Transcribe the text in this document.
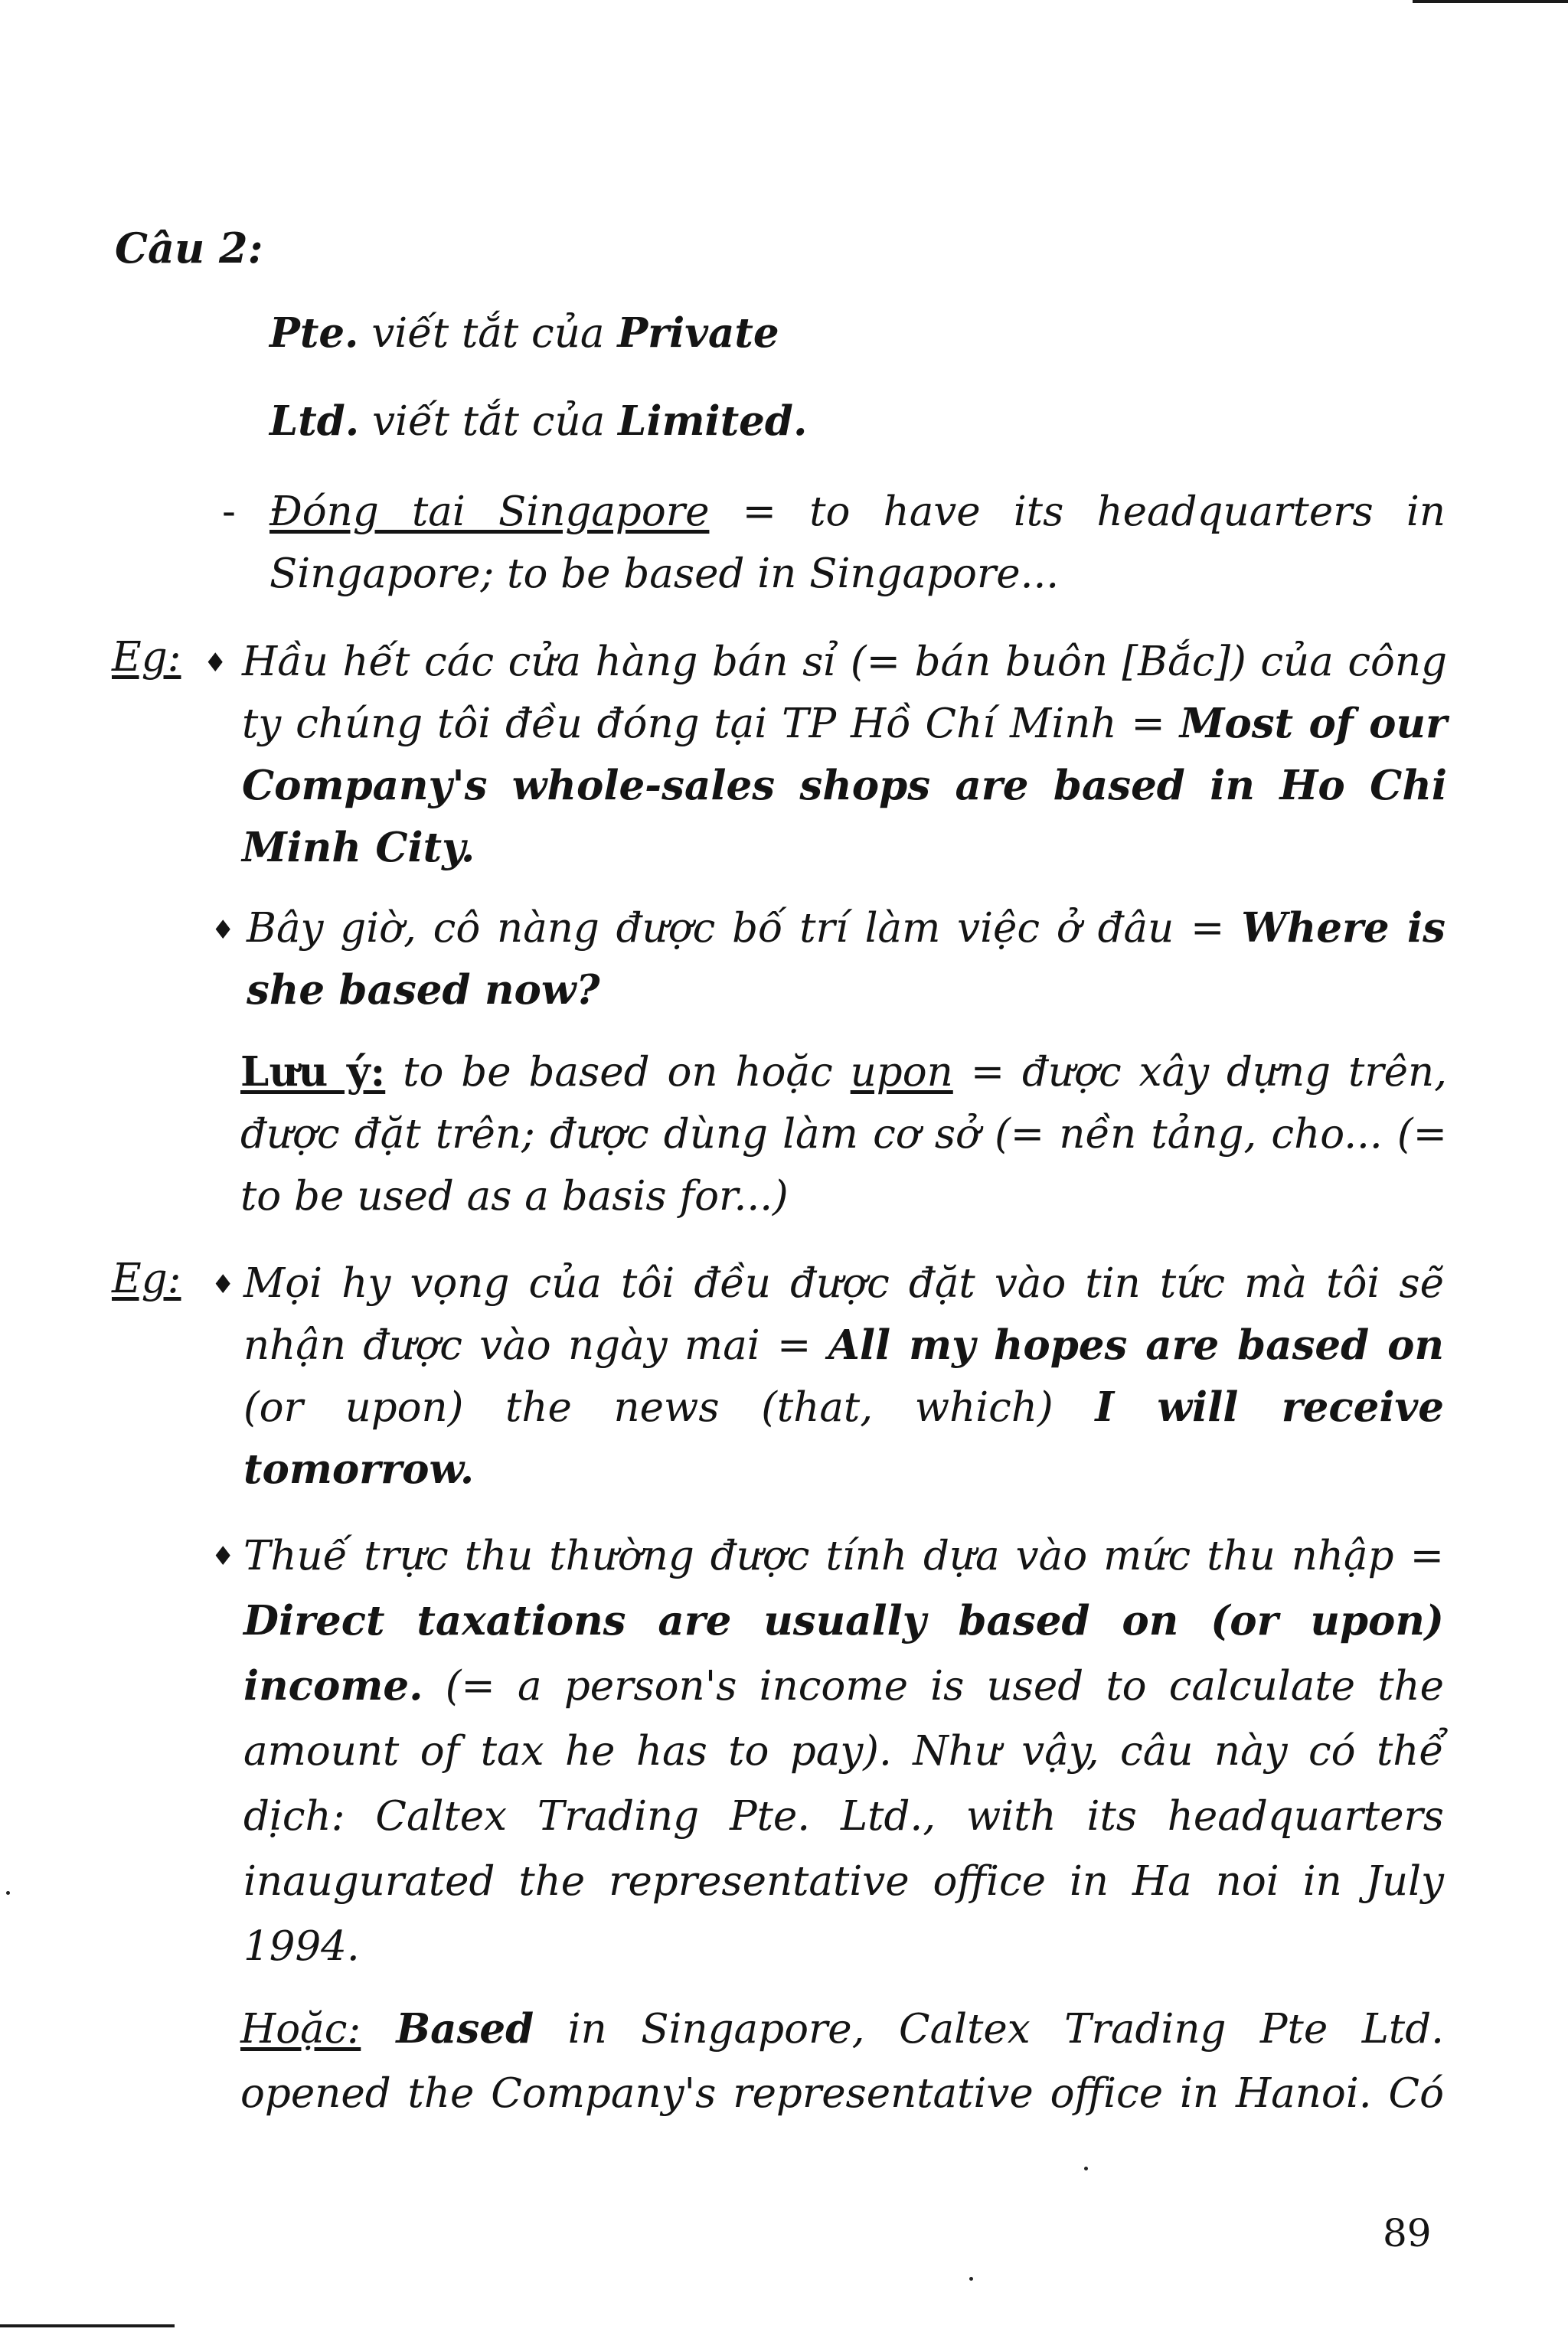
Câu 2:
Pte. viết tắt của Private
Ltd. viết tắt của Limited.
- Đóng tai Singapore = to have its headquarters in
Singapore; to be based in Singapore...
Eg: ♦ Hầu hết các cửa hàng bán sỉ (= bán buôn [Bắc]) của công
ty chúng tôi đều đóng tại TP Hồ Chí Minh = Most of our
Company's whole-sales shops are based in Ho Chi
Minh City.
♦ Bây giờ, cô nàng được bố trí làm việc ở đâu = Where is
she based now?
Lưu ý: to be based on hoặc upon = được xây dựng trên,
được đặt trên; được dùng làm cơ sở (= nền tảng, cho... (=
to be used as a basis for...)
Eg: ♦ Mọi hy vọng của tôi đều được đặt vào tin tức mà tôi sẽ
nhận được vào ngày mai = All my hopes are based on
(or upon) the news (that, which) I will receive
tomorrow.
♦ Thuế trực thu thường được tính dựa vào mức thu nhập =
Direct taxations are usually based on (or upon)
income. (= a person's income is used to calculate the
amount of tax he has to pay). Như vậy, câu này có thể
dịch: Caltex Trading Pte. Ltd., with its headquarters
inaugurated the representative office in Ha noi in July
1994.
Hoặc: Based in Singapore, Caltex Trading Pte Ltd.
opened the Company's representative office in Hanoi. Có
89
